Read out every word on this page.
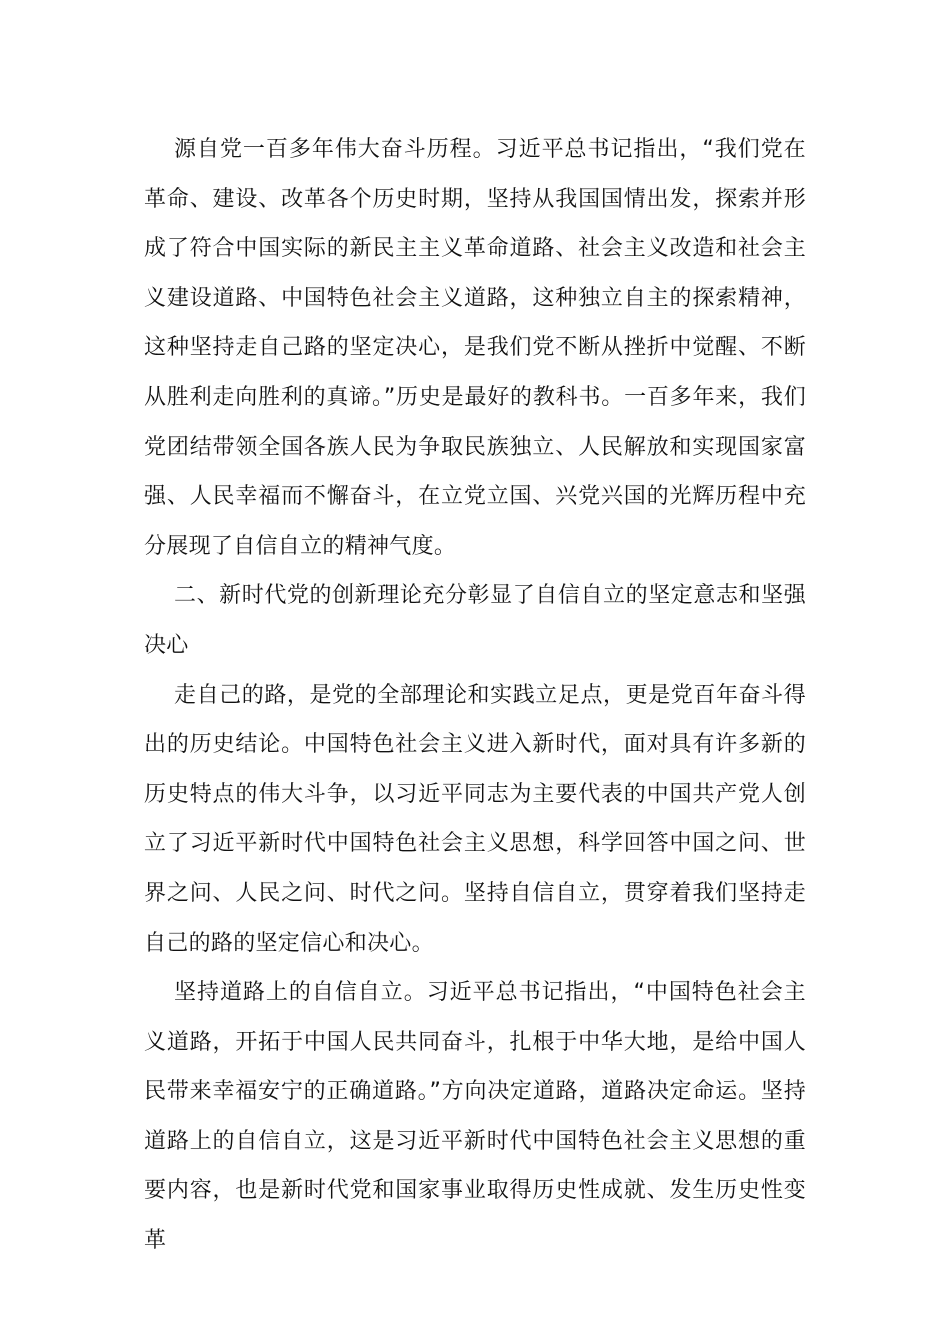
源自党一百多年伟大奋斗历程。习近平总书记指出，“我们党在革命、建设、改革各个历史时期，坚持从我国国情出发，探索并形成了符合中国实际的新民主主义革命道路、社会主义改造和社会主义建设道路、中国特色社会主义道路，这种独立自主的探索精神，这种坚持走自己路的坚定决心，是我们党不断从挫折中觉醒、不断从胜利走向胜利的真谛。”历史是最好的教科书。一百多年来，我们党团结带领全国各族人民为争取民族独立、人民解放和实现国家富强、人民幸福而不懈奋斗，在立党立国、兴党兴国的光辉历程中充分展现了自信自立的精神气度。

二、新时代党的创新理论充分彰显了自信自立的坚定意志和坚强决心

走自己的路，是党的全部理论和实践立足点，更是党百年奋斗得出的历史结论。中国特色社会主义进入新时代，面对具有许多新的历史特点的伟大斗争，以习近平同志为主要代表的中国共产党人创立了习近平新时代中国特色社会主义思想，科学回答中国之问、世界之问、人民之问、时代之问。坚持自信自立，贯穿着我们坚持走自己的路的坚定信心和决心。

坚持道路上的自信自立。习近平总书记指出，“中国特色社会主义道路，开拓于中国人民共同奋斗，扎根于中华大地，是给中国人民带来幸福安宁的正确道路。”方向决定道路，道路决定命运。坚持道路上的自信自立，这是习近平新时代中国特色社会主义思想的重要内容，也是新时代党和国家事业取得历史性成就、发生历史性变革
